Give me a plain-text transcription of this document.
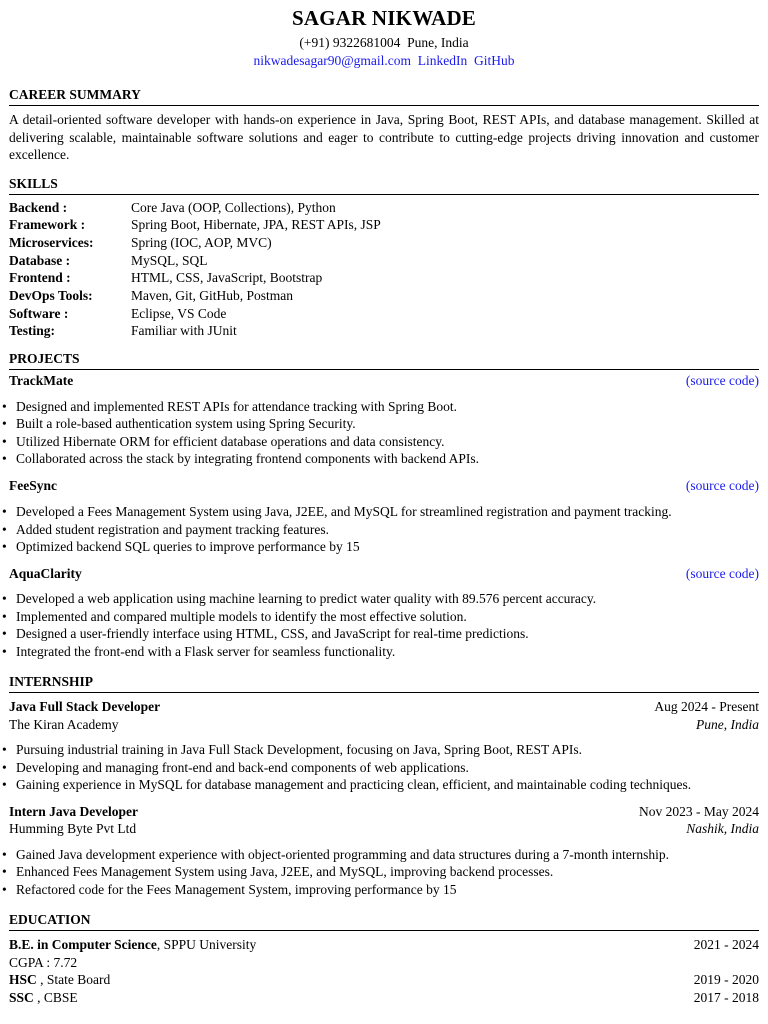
SAGAR NIKWADE
(+91) 9322681004 Pune, India
nikwadesagar90@gmail.com LinkedIn GitHub
CAREER SUMMARY
A detail-oriented software developer with hands-on experience in Java, Spring Boot, REST APIs, and database management. Skilled at delivering scalable, maintainable software solutions and eager to contribute to cutting-edge projects driving innovation and customer excellence.
SKILLS
Backend :	Core Java (OOP, Collections), Python
Framework :	Spring Boot, Hibernate, JPA, REST APIs, JSP
Microservices:	Spring (IOC, AOP, MVC)
Database :	MySQL, SQL
Frontend :	HTML, CSS, JavaScript, Bootstrap
DevOps Tools:	Maven, Git, GitHub, Postman
Software :	Eclipse, VS Code
Testing:	Familiar with JUnit
PROJECTS
TrackMate	(source code)
• Designed and implemented REST APIs for attendance tracking with Spring Boot.
• Built a role-based authentication system using Spring Security.
• Utilized Hibernate ORM for efficient database operations and data consistency.
• Collaborated across the stack by integrating frontend components with backend APIs.
FeeSync	(source code)
• Developed a Fees Management System using Java, J2EE, and MySQL for streamlined registration and payment tracking.
• Added student registration and payment tracking features.
• Optimized backend SQL queries to improve performance by 15
AquaClarity	(source code)
• Developed a web application using machine learning to predict water quality with 89.576 percent accuracy.
• Implemented and compared multiple models to identify the most effective solution.
• Designed a user-friendly interface using HTML, CSS, and JavaScript for real-time predictions.
• Integrated the front-end with a Flask server for seamless functionality.
INTERNSHIP
Java Full Stack Developer	Aug 2024 - Present
The Kiran Academy	Pune, India
• Pursuing industrial training in Java Full Stack Development, focusing on Java, Spring Boot, REST APIs.
• Developing and managing front-end and back-end components of web applications.
• Gaining experience in MySQL for database management and practicing clean, efficient, and maintainable coding techniques.
Intern Java Developer	Nov 2023 - May 2024
Humming Byte Pvt Ltd	Nashik, India
• Gained Java development experience with object-oriented programming and data structures during a 7-month internship.
• Enhanced Fees Management System using Java, J2EE, and MySQL, improving backend processes.
• Refactored code for the Fees Management System, improving performance by 15
EDUCATION
B.E. in Computer Science, SPPU University	2021 - 2024
CGPA : 7.72
HSC , State Board	2019 - 2020
SSC , CBSE	2017 - 2018
